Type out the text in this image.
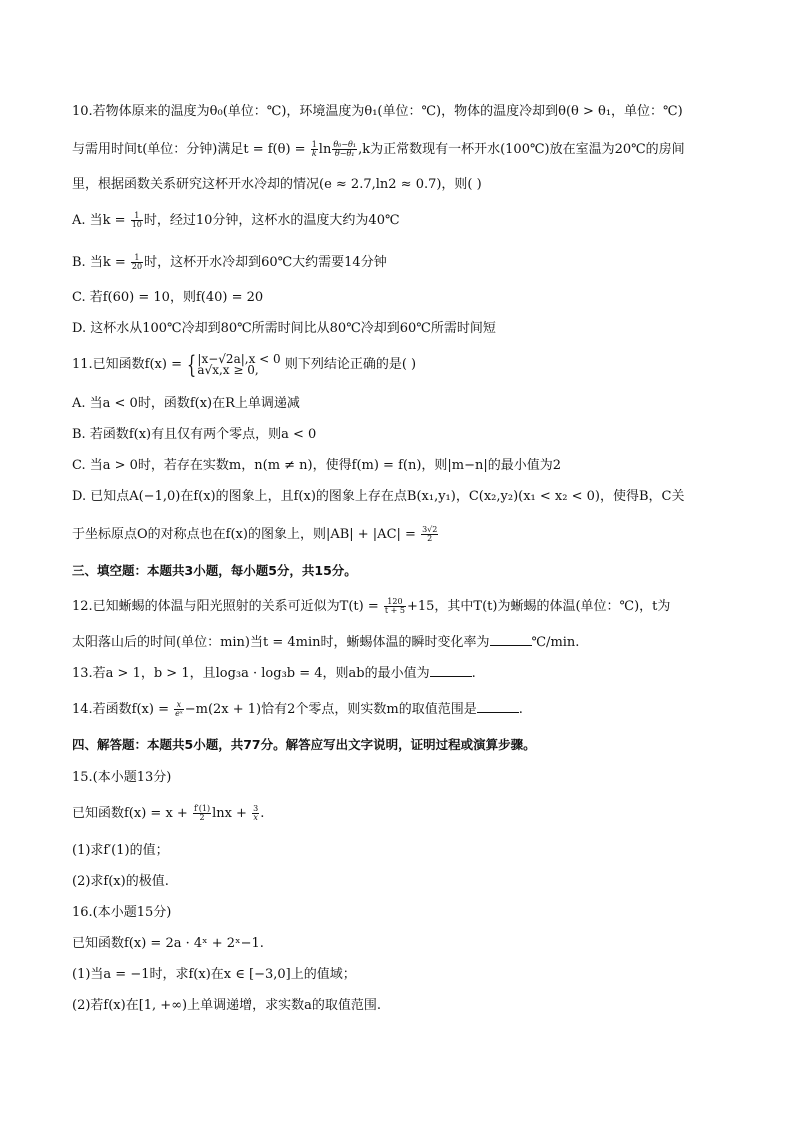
10.若物体原来的温度为θ₀(单位：℃)，环境温度为θ₁(单位：℃)，物体的温度冷却到θ(θ > θ₁，单位：℃)
与需用时间t(单位：分钟)满足$t = f(\theta) = \frac{1}{k}$ $\ln \frac{\text{θ₀−θ₁}}{\text{θ−θ₁}} ,k$为正常数现有一杯开水(100℃)放在室温为20℃的房间
里，根据函数关系研究这杯开水冷却的情况(e ≈ 2.7,ln2 ≈ 0.7)，则( )
A. 当$k = \frac{1}{10}$ 时，经过10分钟，这杯水的温度大约为40℃
B. 当$k = \frac{1}{20}$ 时，这杯开水冷却到60℃大约需要14分钟
C. 若f(60) = 10，则f(40) = 20
D. 这杯水从100℃冷却到80℃所需时间比从80℃冷却到60℃所需时间短
11.已知函数f(x) = { |x−√2a|,x < 0
a√x,x ≥ 0,	则下列结论正确的是( )
A. 当a < 0时，函数f(x)在R上单调递减
B. 若函数f(x)有且仅有两个零点，则a < 0
C. 当a > 0时，若存在实数m，n(m ≠ n)，使得f(m) = f(n)，则|m−n|的最小值为2
D. 已知点A(−1,0)在f(x)的图象上，且f(x)的图象上存在点B(x₁,y₁)，C(x₂,y₂)(x₁ < x₂ < 0)，使得B，C关
于坐标原点O的对称点也在f(x)的图象上，则$|AB| + |AC| = \frac{3√2}{2}$
三、填空题：本题共3小题，每小题5分，共15分。
12.已知蜥蜴的体温与阳光照射的关系可近似为$T(t) = \frac{120}{t + 5} +15$，其中T(t)为蜥蜴的体温(单位：℃)，t为
太阳落山后的时间(单位：min)当t = 4min时，蜥蜴体温的瞬时变化率为	℃/min.
13.若a > 1，b > 1，且log₃a · log₃b = 4，则ab的最小值为	.
14.若函数$f(x) = \frac{x}{\text{eˣ}} -m(2x + 1)$恰有2个零点，则实数m的取值范围是	.
四、解答题：本题共5小题，共77分。解答应写出文字说明，证明过程或演算步骤。
15.(本小题13分)
已知函数$f(x) = x + \frac{f'(1)}{2}$ $\ln x + \frac{3}{x}$ .
(1)求f′(1)的值；
(2)求f(x)的极值.
16.(本小题15分)
已知函数f(x) = 2a · 4ˣ + 2ˣ−1.
(1)当a = −1时，求f(x)在x ∈ [−3,0]上的值域；
(2)若f(x)在[1, +∞)上单调递增，求实数a的取值范围.
